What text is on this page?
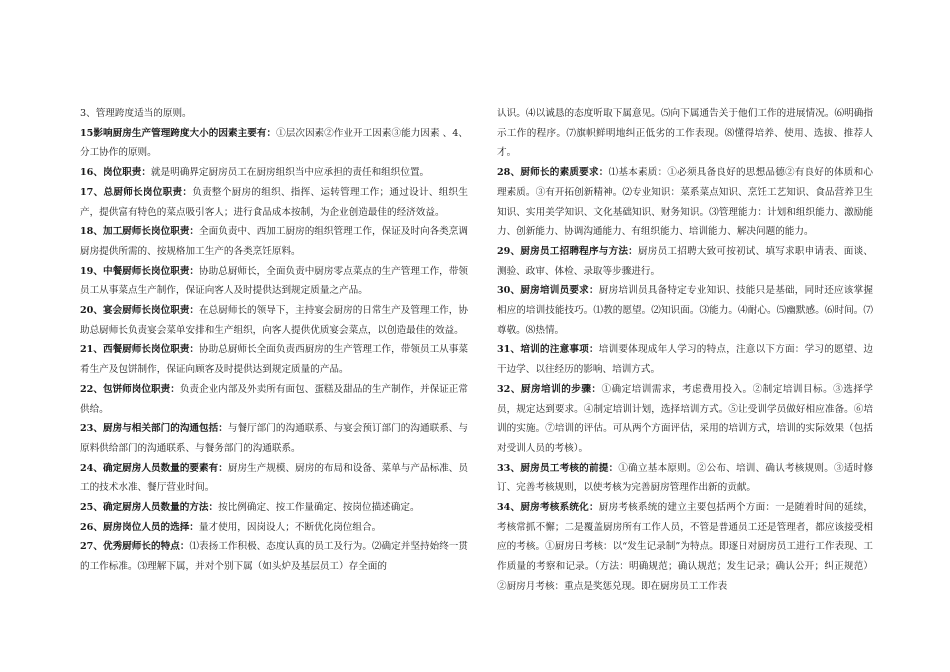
3、管理跨度适当的原则。

15影响厨房生产管理跨度大小的因素主要有：①层次因素②作业开工因素③能力因素 、4、分工协作的原则。

16、岗位职责：就是明确界定厨房员工在厨房组织当中应承担的责任和组织位置。

17、总厨师长岗位职责：负责整个厨房的组织、指挥、运转管理工作；通过设计、组织生产，提供富有特色的菜点吸引客人；进行食品成本按制，为企业创造最佳的经济效益。

18、加工厨师长岗位职责：全面负责中、西加工厨房的组织管理工作，保证及时向各类烹调厨房提供所需的、按规格加工生产的各类烹饪原料。

19、中餐厨师长岗位职责：协助总厨师长，全面负责中厨房零点菜点的生产管理工作，带领员工从事菜点生产制作，保证向客人及时提供达到规定质量之产品。

20、宴会厨师长岗位职责：在总厨师长的领导下，主持宴会厨房的日常生产及管理工作，协助总厨师长负责宴会菜单安排和生产组织，向客人提供优质宴会菜点，以创造最佳的效益。

21、西餐厨师长岗位职责：协助总厨师长全面负责西厨房的生产管理工作，带领员工从事菜肴生产及包饼制作，保证向顾客及时提供达到规定质量的产品。

22、包饼师岗位职责：负责企业内部及外卖所有面包、蛋糕及甜品的生产制作，并保证正常供给。

23、厨房与相关部门的沟通包括：与餐厅部门的沟通联系、与宴会预订部门的沟通联系、与原料供给部门的沟通联系、与餐务部门的沟通联系。

24、确定厨房人员数量的要素有：厨房生产规模、厨房的布局和设备、菜单与产品标准、员工的技术水准、餐厅营业时间。

25、确定厨房人员数量的方法：按比例确定、按工作量确定、按岗位描述确定。

26、厨房岗位人员的选择：量才使用，因岗设人；不断优化岗位组合。

27、优秀厨师长的特点：⑴表扬工作积极、态度认真的员工及行为。⑵确定并坚持始终一贯的工作标准。⑶理解下属，并对个别下属（如头炉及基层员工）存全面的

认识。⑷以诚恳的态度听取下属意见。⑸向下属通告关于他们工作的进展情况。⑹明确指示工作的程序。⑺旗帜鲜明地纠正低劣的工作表现。⑻懂得培养、使用、选拔、推荐人才。

28、厨师长的素质要求：⑴基本素质：①必须具备良好的思想品德②有良好的体质和心理素质。③有开拓创新精神。⑵专业知识：菜系菜点知识、烹饪工艺知识、食品营养卫生知识、实用美学知识、文化基础知识、财务知识。⑶管理能力：计划和组织能力、激励能力、创新能力、协调沟通能力、有组织能力、培训能力、解决问题的能力。

29、厨房员工招聘程序与方法：厨房员工招聘大致可按初试、填写求职申请表、面谈、测验、政审、体检、录取等步骤进行。

30、厨房培训员要求：厨房培训员具备特定专业知识、技能只是基础，同时还应该掌握相应的培训技能技巧。⑴教的愿望。⑵知识面。⑶能力。⑷耐心。⑸幽默感。⑹时间。⑺尊敬。⑻热情。

31、培训的注意事项：培训要体现成年人学习的特点，注意以下方面：学习的愿望、边干边学、以往经历的影响、培训方式。

32、厨房培训的步骤：①确定培训需求，考虑费用投入。②制定培训目标。③选择学员，规定达到要求。④制定培训计划，选择培训方式。⑤让受训学员做好相应准备。⑥培训的实施。⑦培训的评估。可从两个方面评估，采用的培训方式，培训的实际效果（包括对受训人员的考核）。

33、厨房员工考核的前提：①确立基本原则。②公布、培训、确认考核规则。③适时修订、完善考核规则，以使考核为完善厨房管理作出新的贡献。

34、厨房考核系统化：厨房考核系统的建立主要包括两个方面：一是随着时间的延续，考核常抓不懈；二是覆盖厨房所有工作人员，不管是普通员工还是管理者，都应该接受相应的考核。①厨房日考核：以“发生记录制”为特点。即逐日对厨房员工进行工作表现、工作质量的考察和记录。（方法：明确规范；确认规范；发生记录；确认公开；纠正规范）②厨房月考核：重点是奖惩兑现。即在厨房员工工作表
